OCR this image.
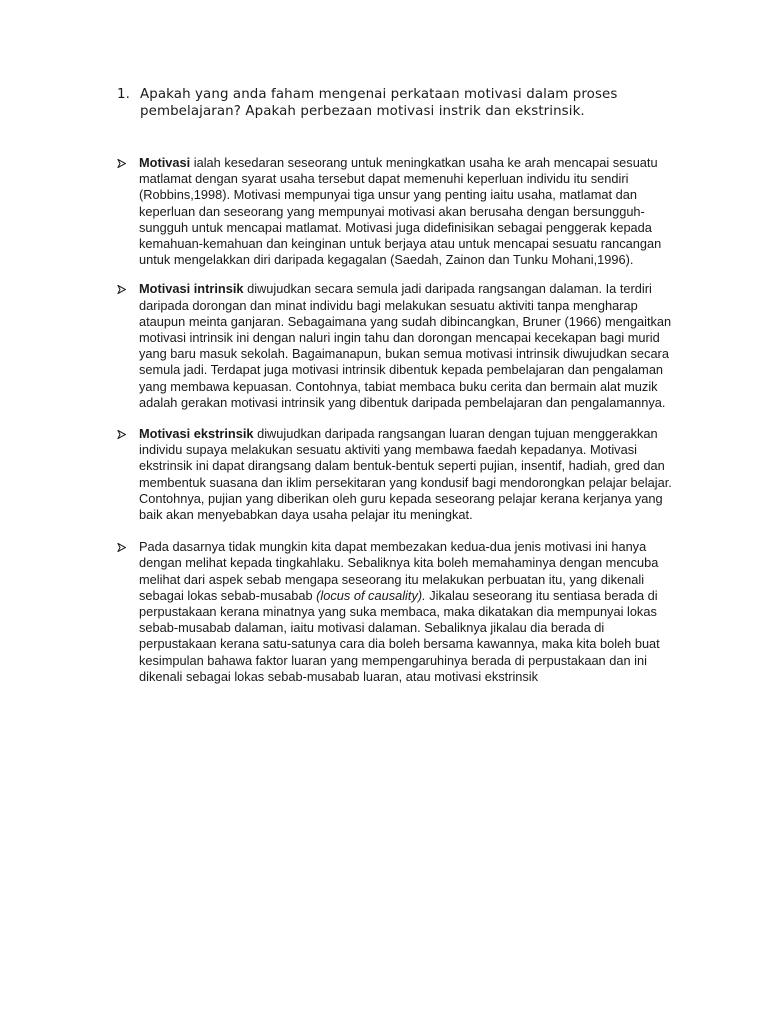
1. Apakah yang anda faham mengenai perkataan motivasi dalam proses pembelajaran? Apakah perbezaan motivasi instrik dan ekstrinsik.
Motivasi ialah kesedaran seseorang untuk meningkatkan usaha ke arah mencapai sesuatu matlamat dengan syarat usaha tersebut dapat memenuhi keperluan individu itu sendiri (Robbins,1998). Motivasi mempunyai tiga unsur yang penting iaitu usaha, matlamat dan keperluan dan seseorang yang mempunyai motivasi akan berusaha dengan bersungguh-sungguh untuk mencapai matlamat. Motivasi juga didefinisikan sebagai penggerak kepada kemahuan-kemahuan dan keinginan untuk berjaya atau untuk mencapai sesuatu rancangan untuk mengelakkan diri daripada kegagalan (Saedah, Zainon dan Tunku Mohani,1996).
Motivasi intrinsik diwujudkan secara semula jadi daripada rangsangan dalaman. Ia terdiri daripada dorongan dan minat individu bagi melakukan sesuatu aktiviti tanpa mengharap ataupun meinta ganjaran. Sebagaimana yang sudah dibincangkan, Bruner (1966) mengaitkan motivasi intrinsik ini dengan naluri ingin tahu dan dorongan mencapai kecekapan bagi murid yang baru masuk sekolah. Bagaimanapun, bukan semua motivasi intrinsik diwujudkan secara semula jadi. Terdapat juga motivasi intrinsik dibentuk kepada pembelajaran dan pengalaman yang membawa kepuasan. Contohnya, tabiat membaca buku cerita dan bermain alat muzik adalah gerakan motivasi intrinsik yang dibentuk daripada pembelajaran dan pengalamannya.
Motivasi ekstrinsik diwujudkan daripada rangsangan luaran dengan tujuan menggerakkan individu supaya melakukan sesuatu aktiviti yang membawa faedah kepadanya. Motivasi ekstrinsik ini dapat dirangsang dalam bentuk-bentuk seperti pujian, insentif, hadiah, gred dan membentuk suasana dan iklim persekitaran yang kondusif bagi mendorongkan pelajar belajar. Contohnya, pujian yang diberikan oleh guru kepada seseorang pelajar kerana kerjanya yang baik akan menyebabkan daya usaha pelajar itu meningkat.
Pada dasarnya tidak mungkin kita dapat membezakan kedua-dua jenis motivasi ini hanya dengan melihat kepada tingkahlaku. Sebaliknya kita boleh memahaminya dengan mencuba melihat dari aspek sebab mengapa seseorang itu melakukan perbuatan itu, yang dikenali sebagai lokas sebab-musabab (locus of causality). Jikalau seseorang itu sentiasa berada di perpustakaan kerana minatnya yang suka membaca, maka dikatakan dia mempunyai lokas sebab-musabab dalaman, iaitu motivasi dalaman. Sebaliknya jikalau dia berada di perpustakaan kerana satu-satunya cara dia boleh bersama kawannya, maka kita boleh buat kesimpulan bahawa faktor luaran yang mempengaruhinya berada di perpustakaan dan ini dikenali sebagai lokas sebab-musabab luaran, atau motivasi ekstrinsik
